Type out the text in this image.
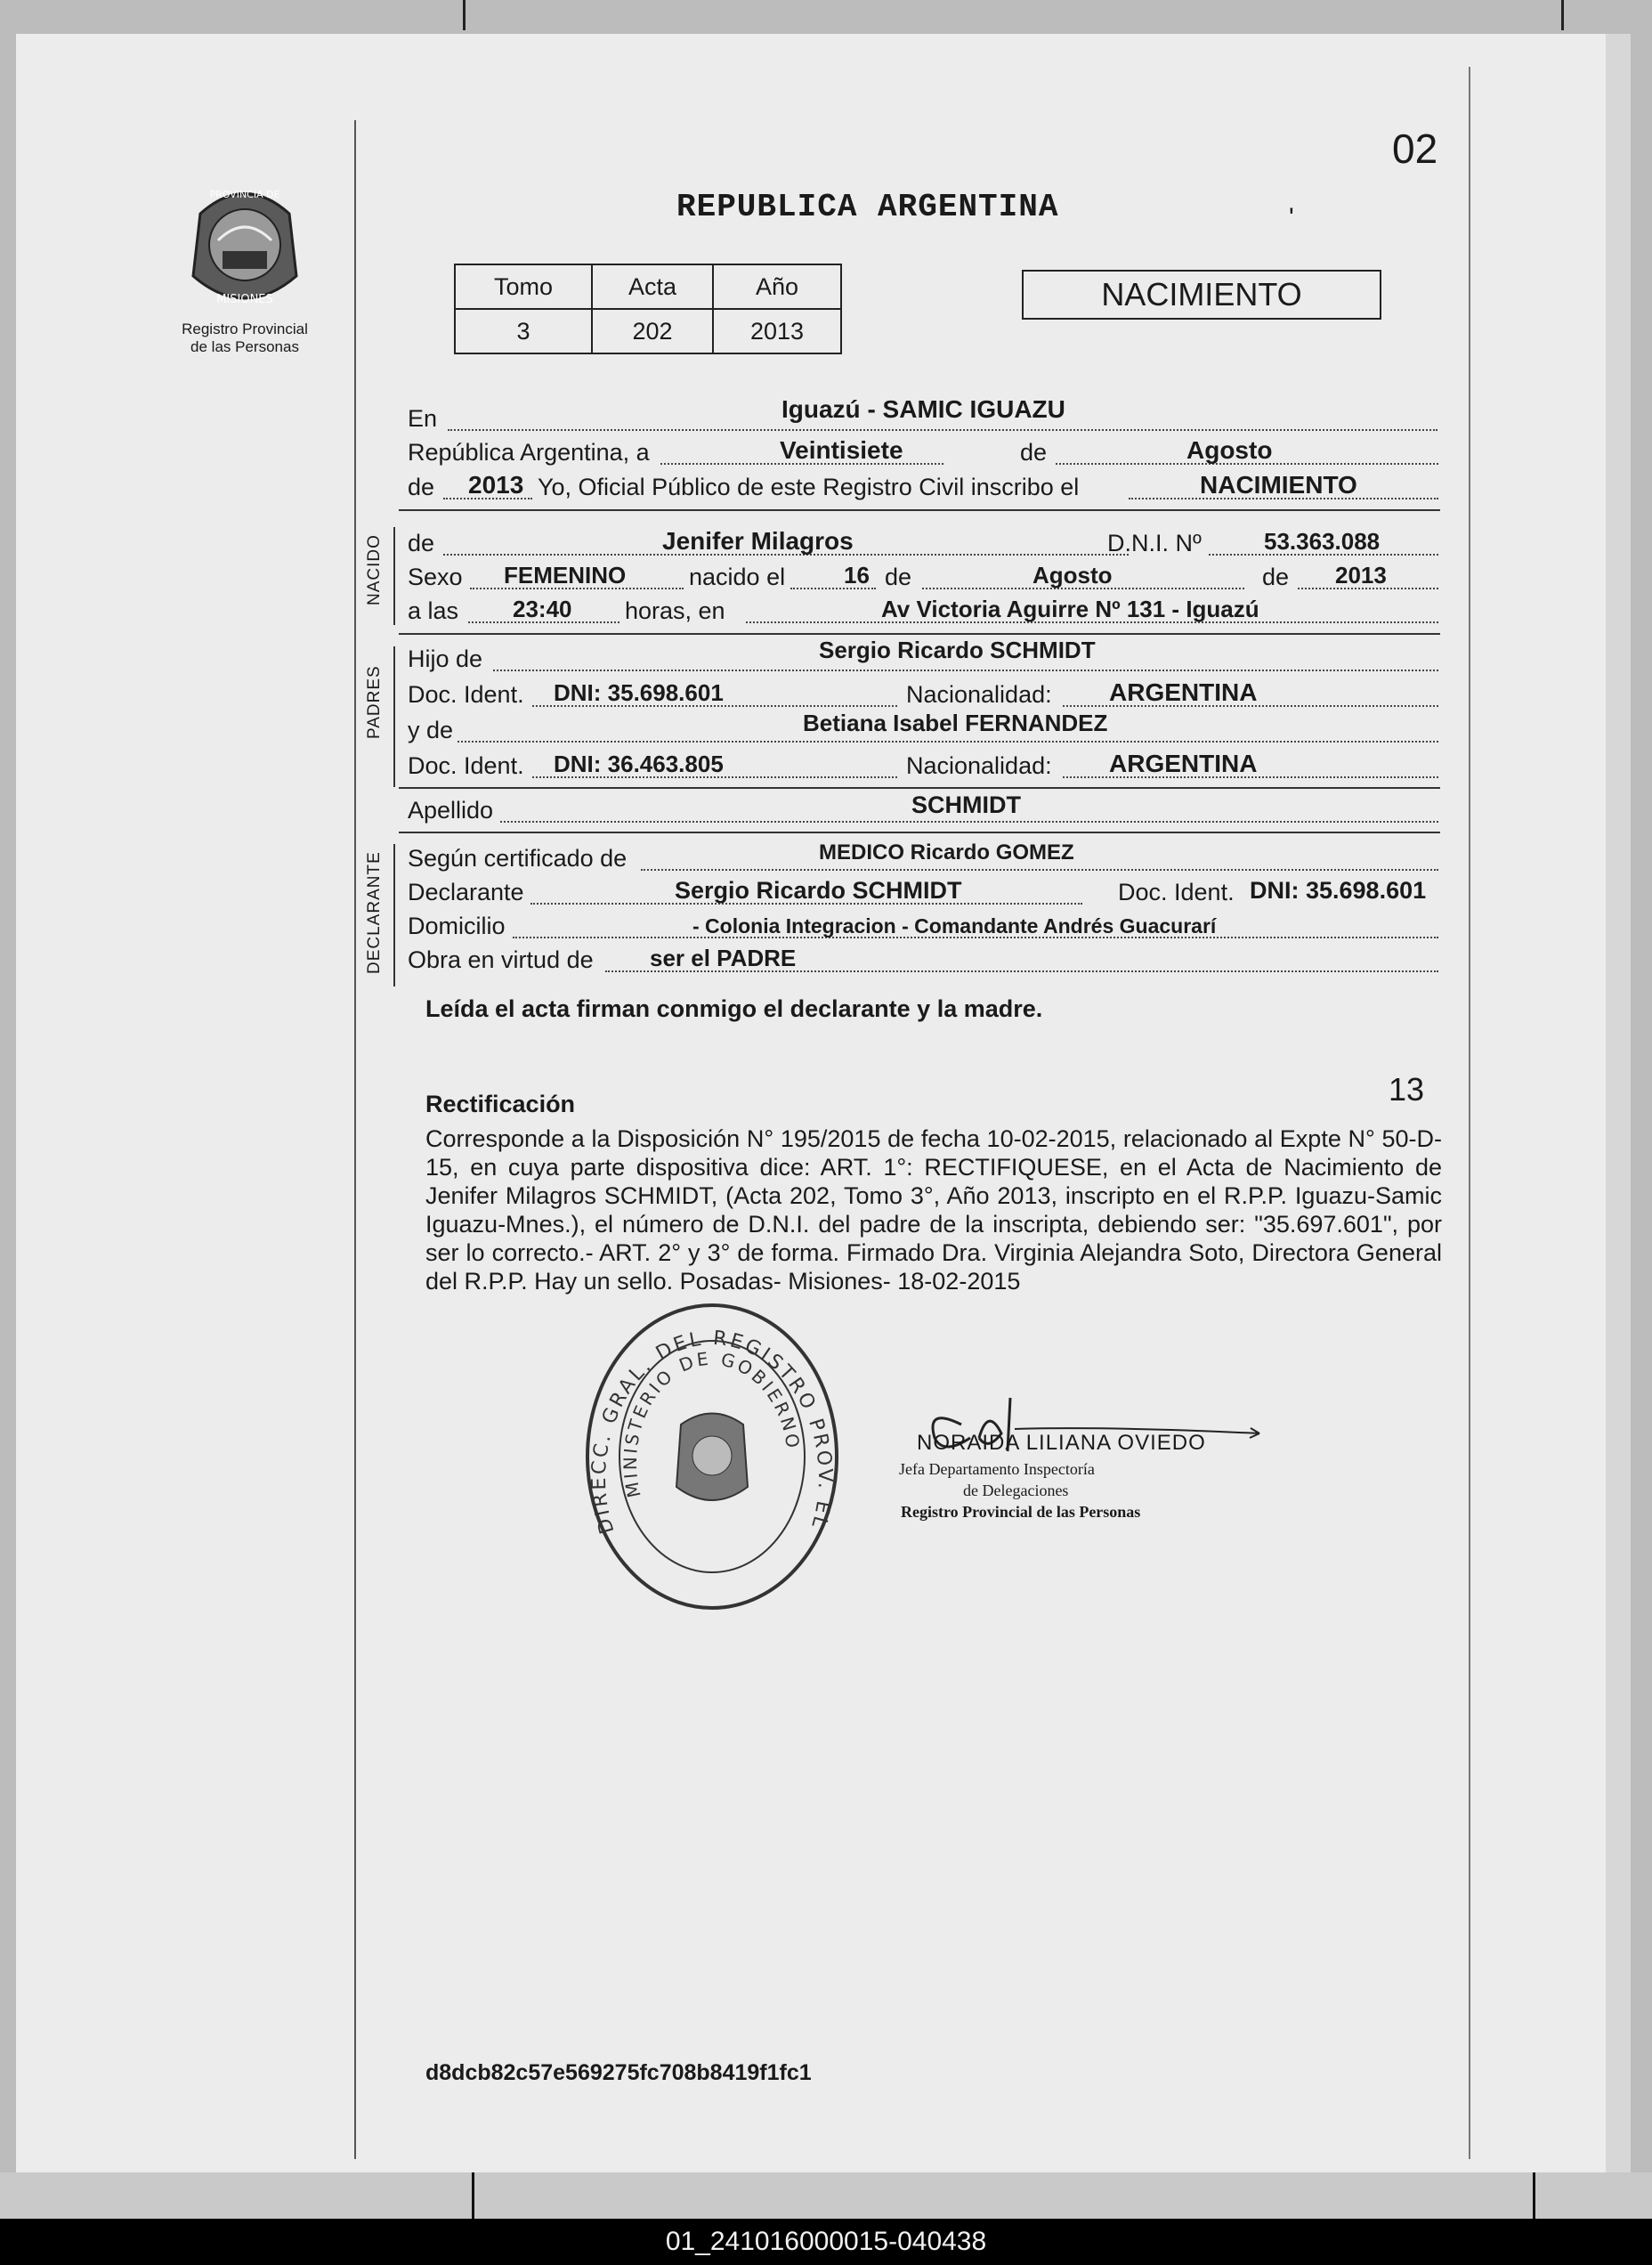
PROVINCIA DE
MISIONES
Registro Provincial
de las Personas
02
REPUBLICA ARGENTINA	'
Tomo	Acta	Año
3	202	2013
NACIMIENTO
En	Iguazú - SAMIC IGUAZU
República Argentina, a	Veintisiete	de	Agosto
de 2013 Yo, Oficial Público de este Registro Civil inscribo el	NACIMIENTO
NACIDO de	Jenifer Milagros	D.N.I. Nº	53.363.088
Sexo FEMENINO	nacido el	16 de	Agosto	de 2013
a las 23:40 horas, en	Av Victoria Aguirre Nº 131 - Iguazú
PADRES
Hijo de	Sergio Ricardo SCHMIDT
Doc. Ident. DNI: 35.698.601	Nacionalidad: ARGENTINA
y de	Betiana Isabel FERNANDEZ
Doc. Ident. DNI: 36.463.805	Nacionalidad: ARGENTINA
Apellido	SCHMIDT
DECLARANTE Según certificado de	MEDICO Ricardo GOMEZ
Declarante	Sergio Ricardo SCHMIDT	Doc. Ident. DNI: 35.698.601
Domicilio	- Colonia Integracion - Comandante Andrés Guacurarí
Obra en virtud de ser el PADRE
Leída el acta firman conmigo el declarante y la madre.
13
Rectificación
Corresponde a la Disposición N° 195/2015 de fecha 10-02-2015, relacionado al Expte N° 50-D-15, en cuya parte dispositiva dice: ART. 1°: RECTIFIQUESE, en el Acta de Nacimiento de Jenifer Milagros SCHMIDT, (Acta 202, Tomo 3°, Año 2013, inscripto en el R.P.P. Iguazu-Samic Iguazu-Mnes.), el número de D.N.I. del padre de la inscripta, debiendo ser: "35.697.601", por ser lo correcto.- ART. 2° y 3° de forma. Firmado Dra. Virginia Alejandra Soto, Directora General del R.P.P. Hay un sello. Posadas- Misiones- 18-02-2015
DIRECC. GRAL. DEL REGISTRO PROV. EL
MINISTERIO DE GOBIERNO	NORAIDA LILIANA OVIEDO
Jefa Departamento Inspectoría
de Delegaciones
Registro Provincial de las Personas
d8dcb82c57e569275fc708b8419f1fc1
01_241016000015-040438
